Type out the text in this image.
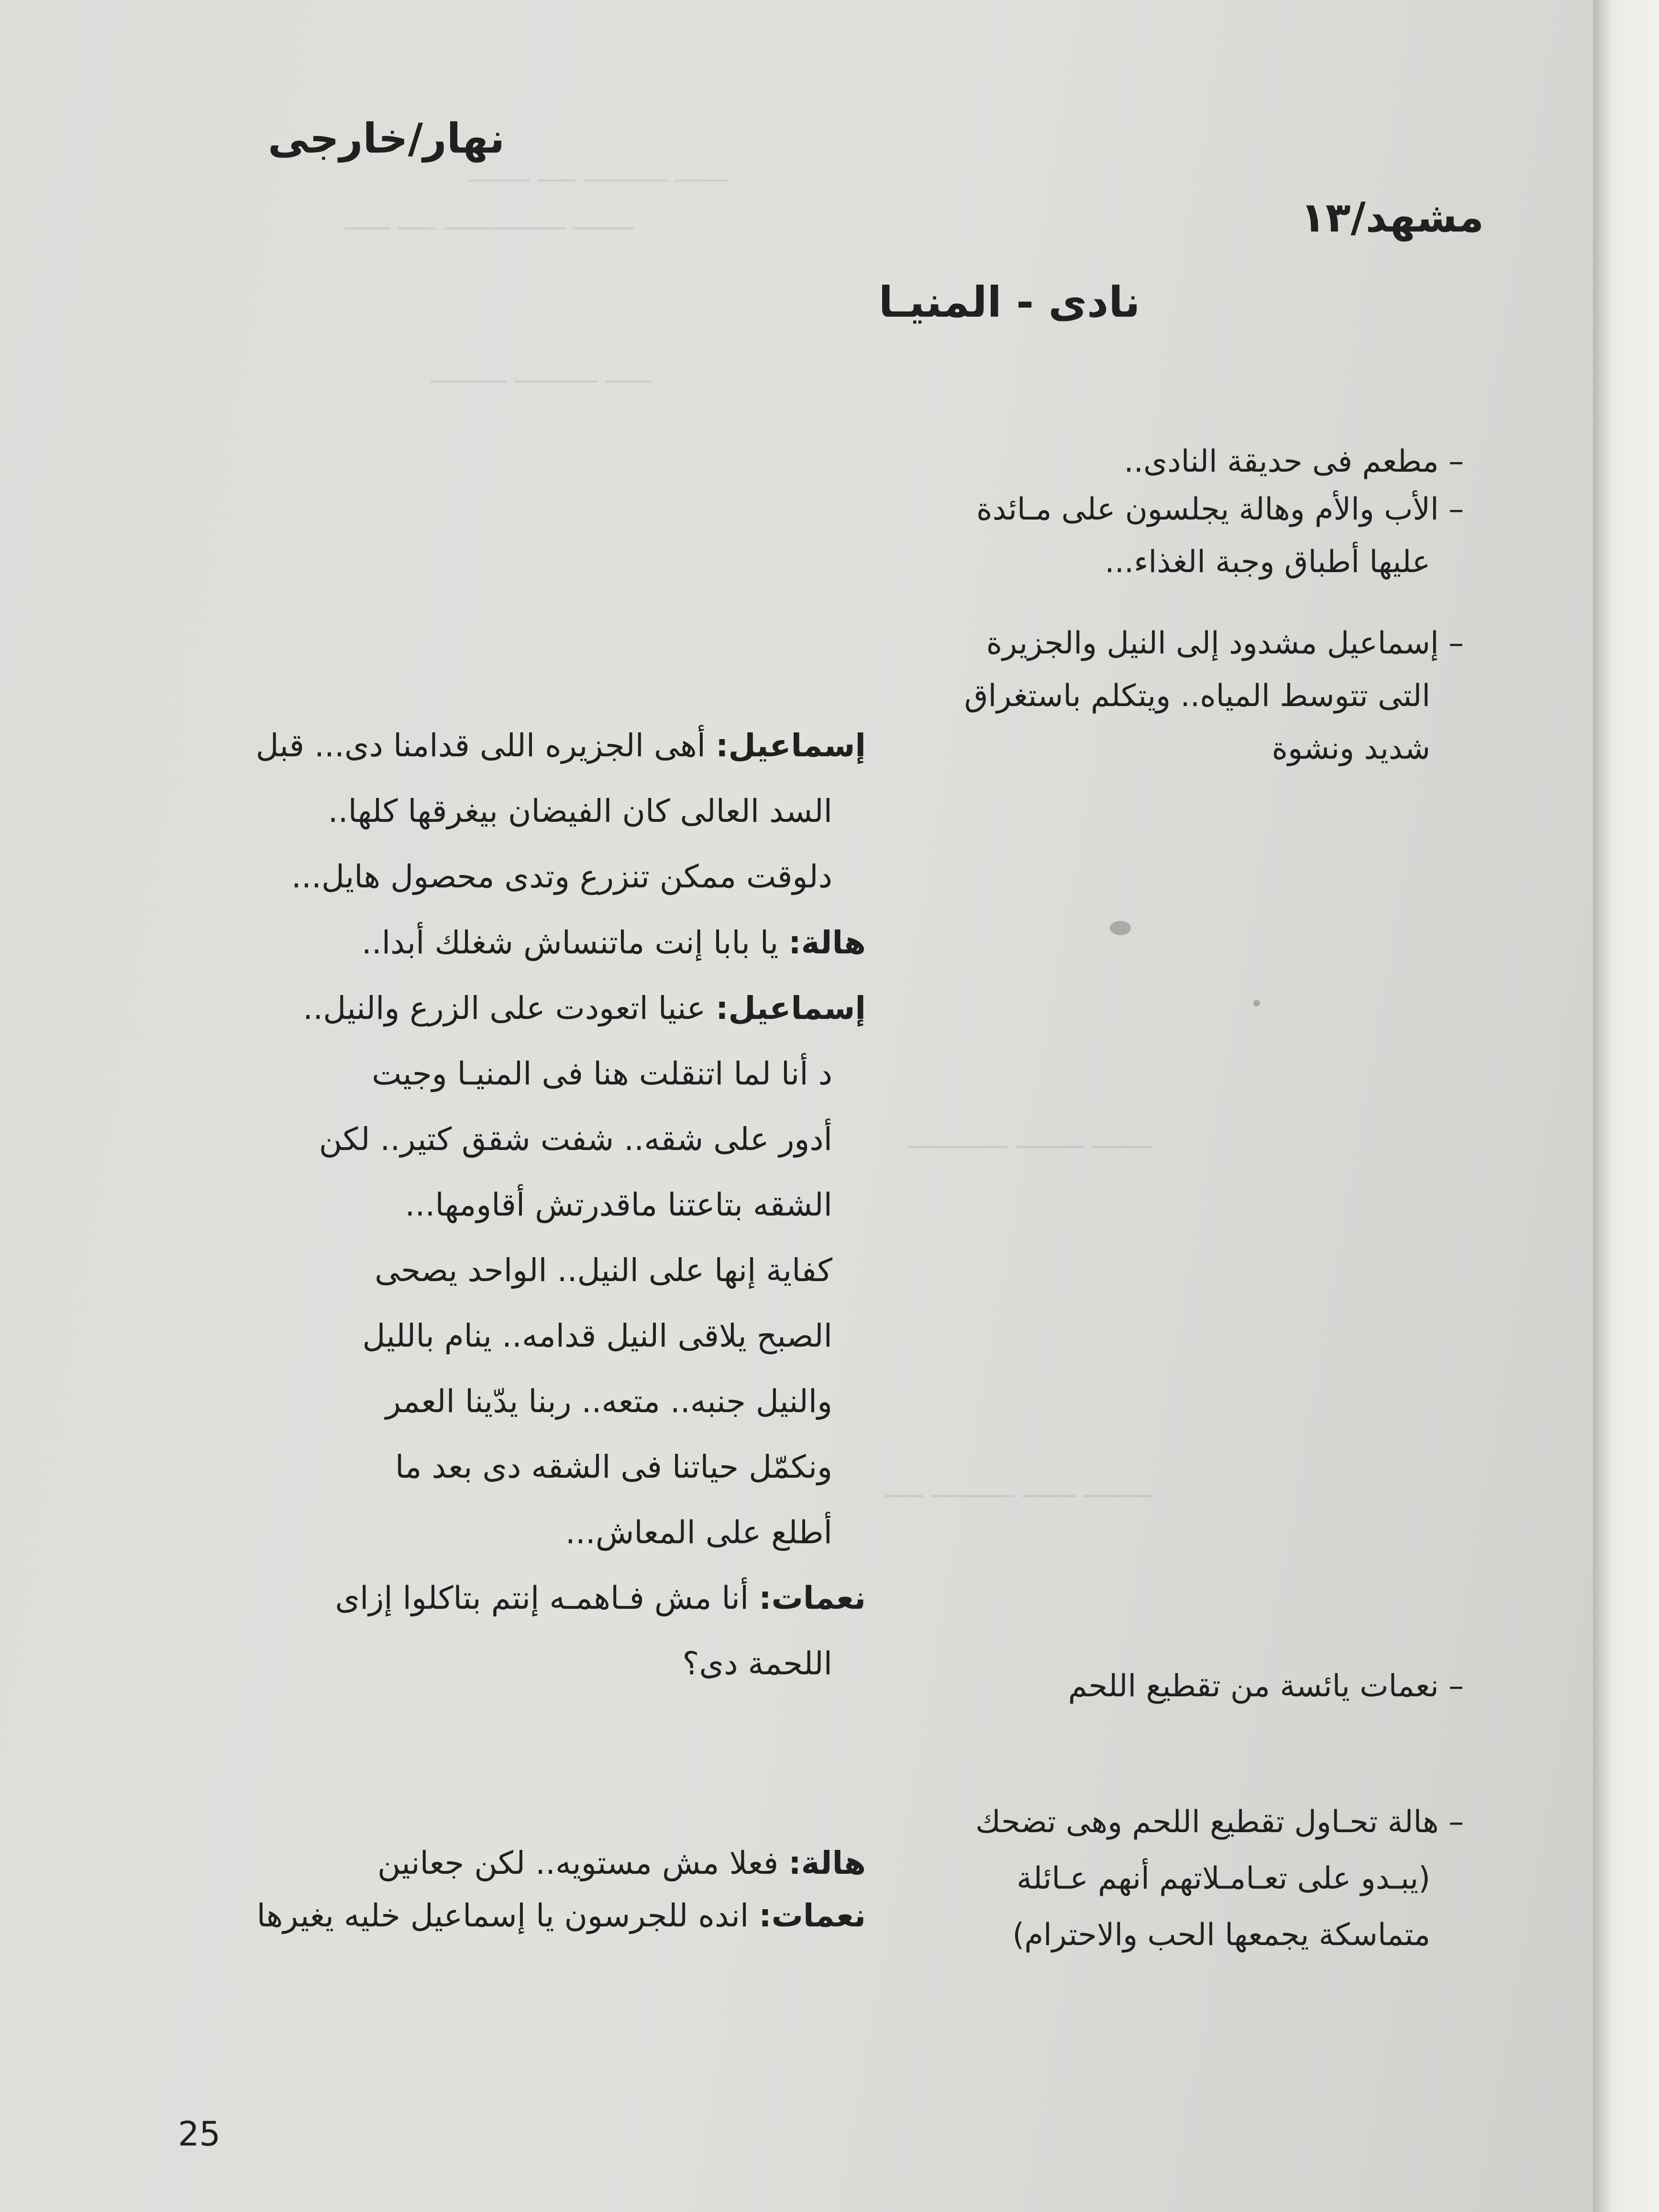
ـــــــ ـــــــــــ ـــــ ــــــــ
ــــــــ ــــــــــــــــ ـــــ ــــــ
ــــــ ـــــــــــ ــــــــــ
ــــــــ ـــــــــ ـــــــــــــ
ـــــــــ ـــــــ ـــــــــــ ـــــ
نهار/خارجى
مشهد/١٣
نادى - المنيـا
– مطعم فى حديقة النادى..
– الأب والأم وهالة يجلسون على مـائدة
عليها أطباق وجبة الغذاء...
– إسماعيل مشدود إلى النيل والجزيرة
التى تتوسط المياه.. ويتكلم باستغراق
شديد ونشوة
– نعمات يائسة من تقطيع اللحم
– هالة تحـاول تقطيع اللحم وهى تضحك
(يبـدو على تعـامـلاتهم أنهم عـائلة
متماسكة يجمعها الحب والاحترام)
إسماعيل: أهى الجزيره اللى قدامنا دى... قبل
السد العالى كان الفيضان بيغرقها كلها..
دلوقت ممكن تنزرع وتدى محصول هايل...
هالة: يا بابا إنت ماتنساش شغلك أبدا..
إسماعيل: عنيا اتعودت على الزرع والنيل..
د أنا لما اتنقلت هنا فى المنيـا وجيت
أدور على شقه.. شفت شقق كتير.. لكن
الشقه بتاعتنا ماقدرتش أقاومها...
كفاية إنها على النيل.. الواحد يصحى
الصبح يلاقى النيل قدامه.. ينام بالليل
والنيل جنبه.. متعه.. ربنا يدّينا العمر
ونكمّل حياتنا فى الشقه دى بعد ما
أطلع على المعاش...
نعمات: أنا مش فـاهمـه إنتم بتاكلوا إزاى
اللحمة دى؟
هالة: فعلا مش مستويه.. لكن جعانين
نعمات: انده للجرسون يا إسماعيل خليه يغيرها
25
